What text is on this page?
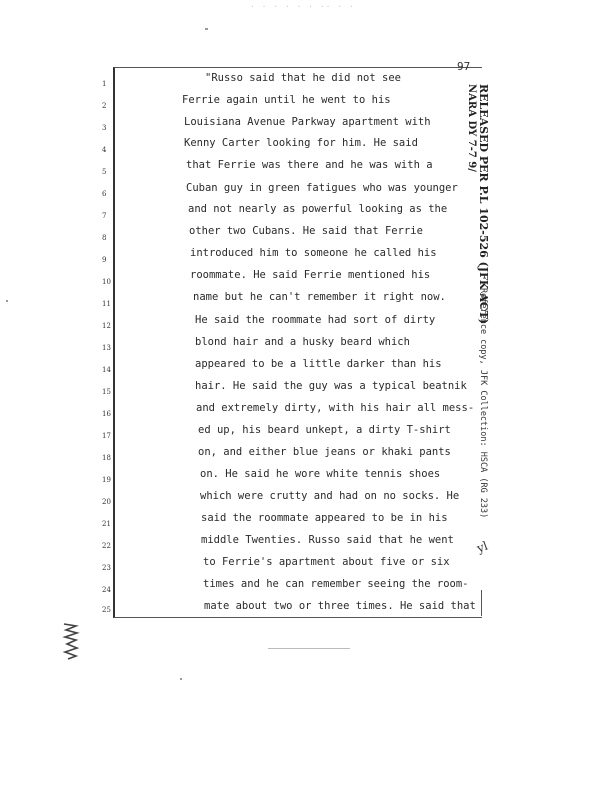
· · · · · · ·· · ·
97
1
2
3
4
5
6
7
8
9
10
11
12
13
14
15
16
17
18
19
20
21
22
23
24
25
"Russo said that he did not see
Ferrie again until he went to his
Louisiana Avenue Parkway apartment with
Kenny Carter looking for him. He said
that Ferrie was there and he was with a
Cuban guy in green fatigues who was younger
and not nearly as powerful looking as the
other two Cubans. He said that Ferrie
introduced him to someone he called his
roommate. He said Ferrie mentioned his
name but he can't remember it right now.
He said the roommate had sort of dirty
blond hair and a husky beard which
appeared to be a little darker than his
hair. He said the guy was a typical beatnik
and extremely dirty, with his hair all mess-
ed up, his beard unkept, a dirty T-shirt
on, and either blue jeans or khaki pants
on. He said he wore white tennis shoes
which were crutty and had on no socks. He
said the roommate appeared to be in his
middle Twenties. Russo said that he went
to Ferrie's apartment about five or six
times and he can remember seeing the room-
mate about two or three times. He said that
RELEASED PER P.L 102-526 (JFK ACT)
NARA DY 7-7 9/
Reference copy, JFK Collection: HSCA (RG 233)
yl
